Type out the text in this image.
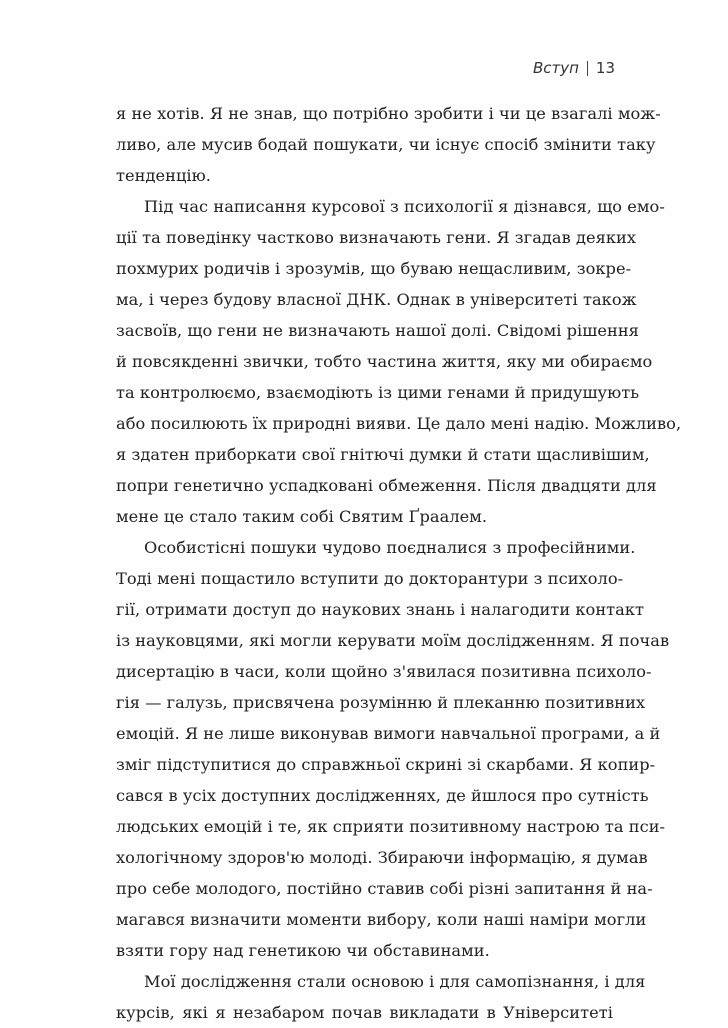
Вступ 13
я не хотів. Я не знав, що потрібно зробити і чи це взагалі мож-
ливо, але мусив бодай пошукати, чи існує спосіб змінити таку
тенденцію.
Під час написання курсової з психології я дізнався, що емо-
ції та поведінку частково визначають гени. Я згадав деяких
похмурих родичів і зрозумів, що буваю нещасливим, зокре-
ма, і через будову власної ДНК. Однак в університеті також
засвоїв, що гени не визначають нашої долі. Свідомі рішення
й повсякденні звички, тобто частина життя, яку ми обираємо
та контролюємо, взаємодіють із цими генами й придушують
або посилюють їх природні вияви. Це дало мені надію. Можливо,
я здатен приборкати свої гнітючі думки й стати щасливішим,
попри генетично успадковані обмеження. Після двадцяти для
мене це стало таким собі Святим Ґраалем.
Особистісні пошуки чудово поєдналися з професійними.
Тоді мені пощастило вступити до докторантури з психоло-
гії, отримати доступ до наукових знань і налагодити контакт
із науковцями, які могли керувати моїм дослідженням. Я почав
дисертацію в часи, коли щойно з'явилася позитивна психоло-
гія — галузь, присвячена розумінню й плеканню позитивних
емоцій. Я не лише виконував вимоги навчальної програми, а й
зміг підступитися до справжньої скрині зі скарбами. Я копир-
сався в усіх доступних дослідженнях, де йшлося про сутність
людських емоцій і те, як сприяти позитивному настрою та пси-
хологічному здоров'ю молоді. Збираючи інформацію, я думав
про себе молодого, постійно ставив собі різні запитання й на-
магався визначити моменти вибору, коли наші наміри могли
взяти гору над генетикою чи обставинами.
Мої дослідження стали основою і для самопізнання, і для
курсів, які я незабаром почав викладати в Університеті
